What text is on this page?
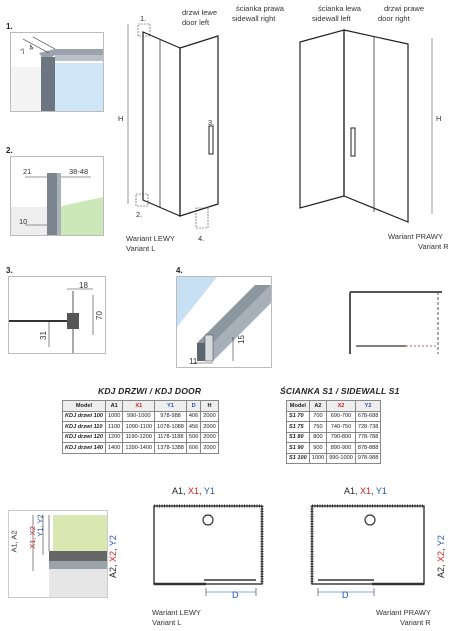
1.
7 4
2.
21	38-48
10
3.
18
70
31
4.
15
11
H
1.
2.
3.
4.
drzwi lewe
door left
Wariant LEWY
Variant L
ścianka prawa
sidewall right
H
Wariant PRAWY
Variant R
ścianka lewa
sidewall left
drzwi prawe
door right
KDJ DRZWI / KDJ DOOR
Model	A1	X1	Y1	D	H
KDJ drzwi 100	1000	990-1000	978-988	406	2000
KDJ drzwi 110	1100	1090-1100	1078-1088	456	2000
KDJ drzwi 120	1200	1190-1200	1178-1188	506	2000
KDJ drzwi 140	1400	1390-1400	1378-1388	606	2000
ŚCIANKA S1 / SIDEWALL S1
Model	A2	X2	Y2
S1 70	700	690-700	678-688
S1 75	750	740-750	728-738
S1 80	800	790-800	778-788
S1 90	900	890-900	878-888
S1 100	1000	990-1000	978-988
A1, A2 X1, X2
Y1, Y2
A1, X1, Y1
A2, X2, Y2
D
Wariant LEWY
Variant L
A1, X1, Y1
A2, X2, Y2
D
Wariant PRAWY
Variant R
